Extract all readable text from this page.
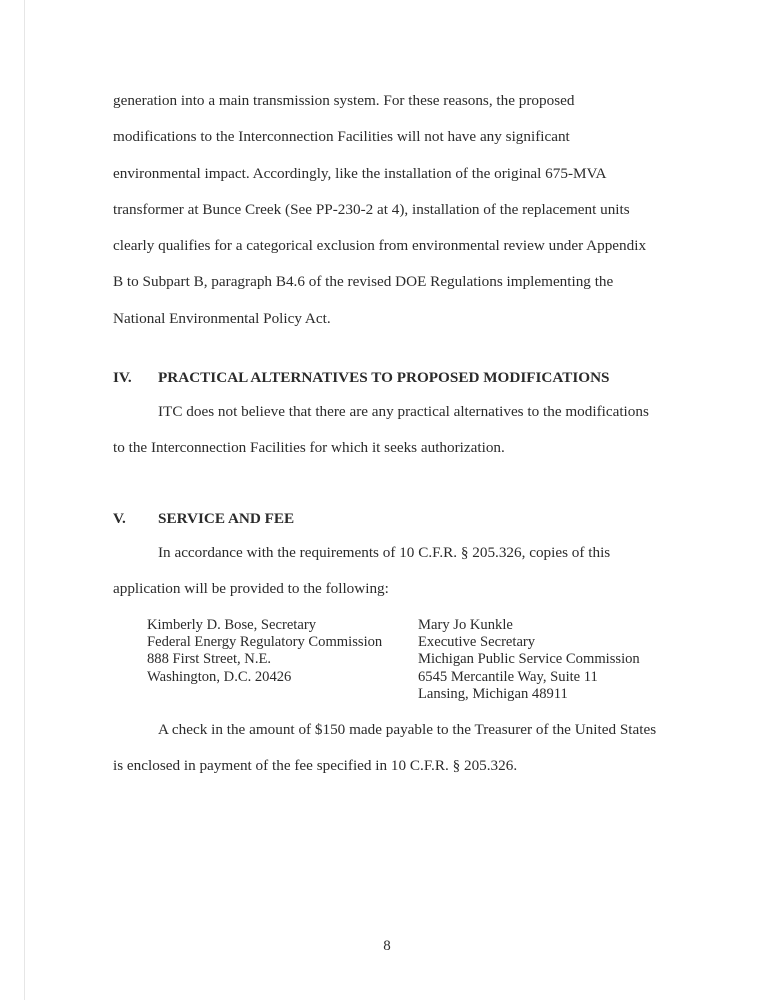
generation into a main transmission system. For these reasons, the proposed
modifications to the Interconnection Facilities will not have any significant
environmental impact. Accordingly, like the installation of the original 675-MVA
transformer at Bunce Creek (See PP-230-2 at 4), installation of the replacement units
clearly qualifies for a categorical exclusion from environmental review under Appendix
B to Subpart B, paragraph B4.6 of the revised DOE Regulations implementing the
National Environmental Policy Act.
IV. PRACTICAL ALTERNATIVES TO PROPOSED MODIFICATIONS
ITC does not believe that there are any practical alternatives to the modifications
to the Interconnection Facilities for which it seeks authorization.
V. SERVICE AND FEE
In accordance with the requirements of 10 C.F.R. § 205.326, copies of this
application will be provided to the following:
Kimberly D. Bose, Secretary
Federal Energy Regulatory Commission
888 First Street, N.E.
Washington, D.C. 20426
Mary Jo Kunkle
Executive Secretary
Michigan Public Service Commission
6545 Mercantile Way, Suite 11
Lansing, Michigan 48911
A check in the amount of $150 made payable to the Treasurer of the United States
is enclosed in payment of the fee specified in 10 C.F.R. § 205.326.
8
